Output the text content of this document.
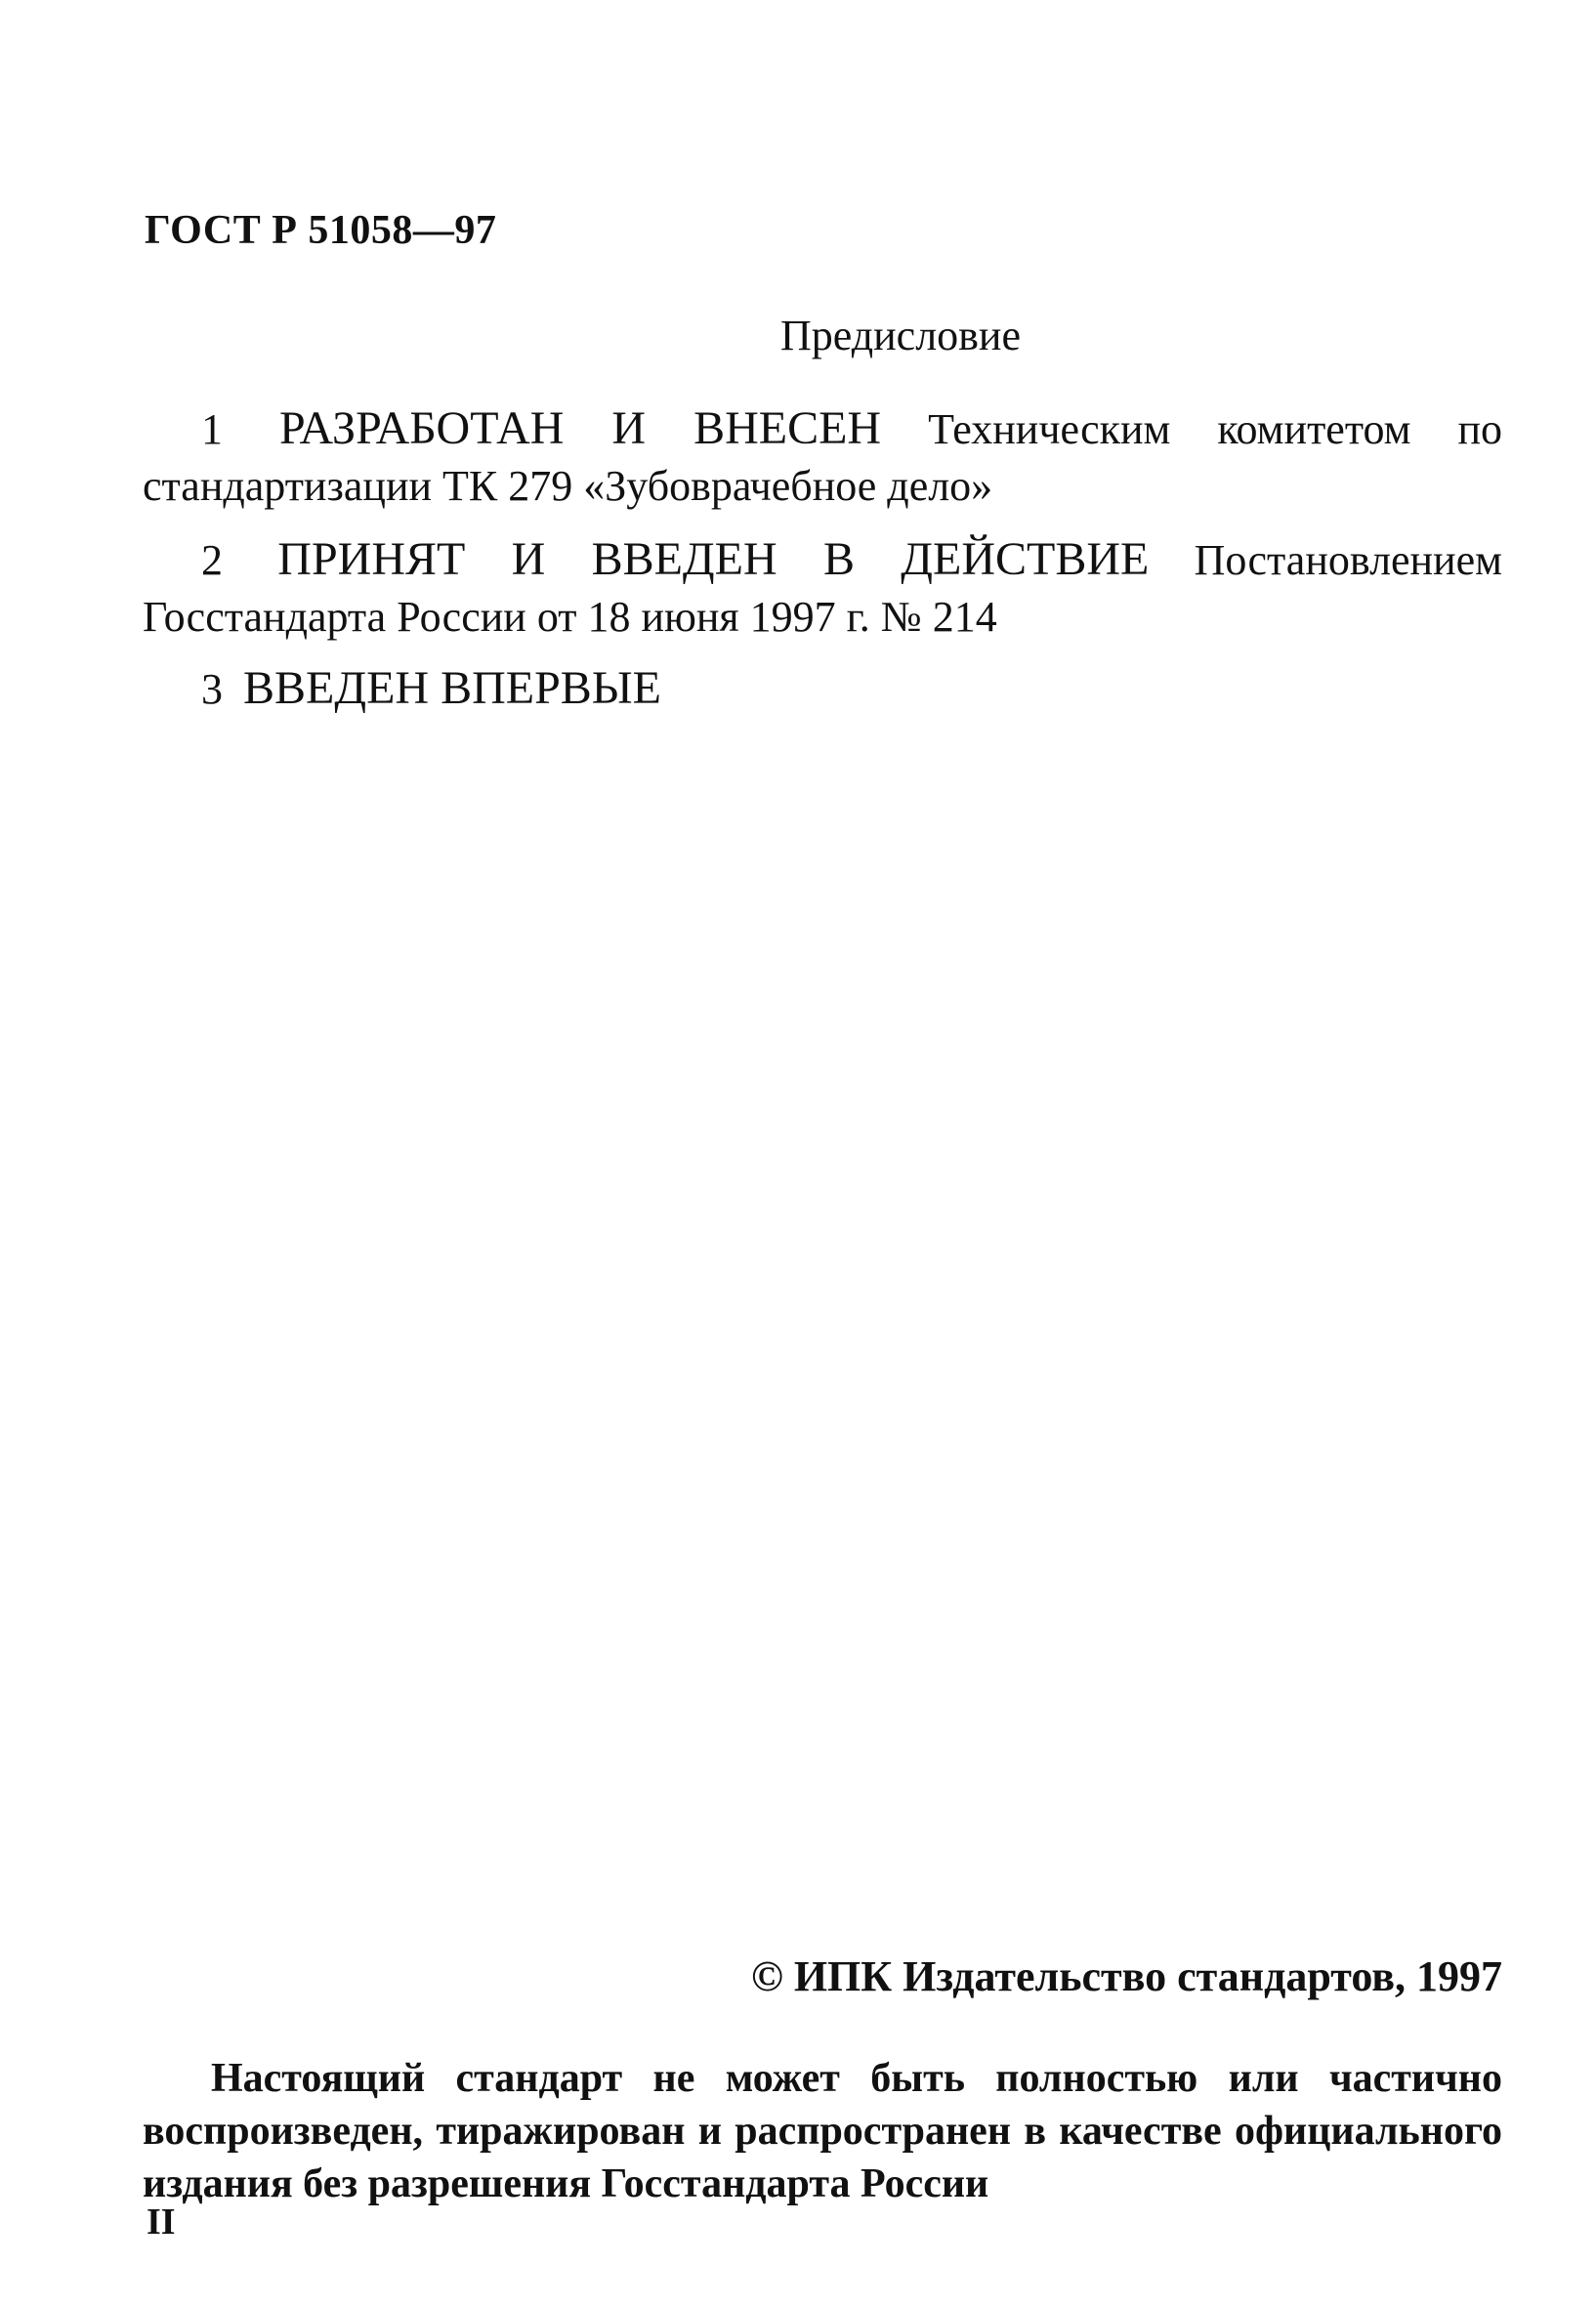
ГОСТ Р 51058—97
Предисловие
1 РАЗРАБОТАН И ВНЕСЕН Техническим комитетом по стандартизации ТК 279 «Зубоврачебное дело»
2 ПРИНЯТ И ВВЕДЕН В ДЕЙСТВИЕ Постановлением Госстандарта России от 18 июня 1997 г. № 214
3 ВВЕДЕН ВПЕРВЫЕ
© ИПК Издательство стандартов, 1997
Настоящий стандарт не может быть полностью или частично воспроизведен, тиражирован и распространен в качестве официального издания без разрешения Госстандарта России
II
